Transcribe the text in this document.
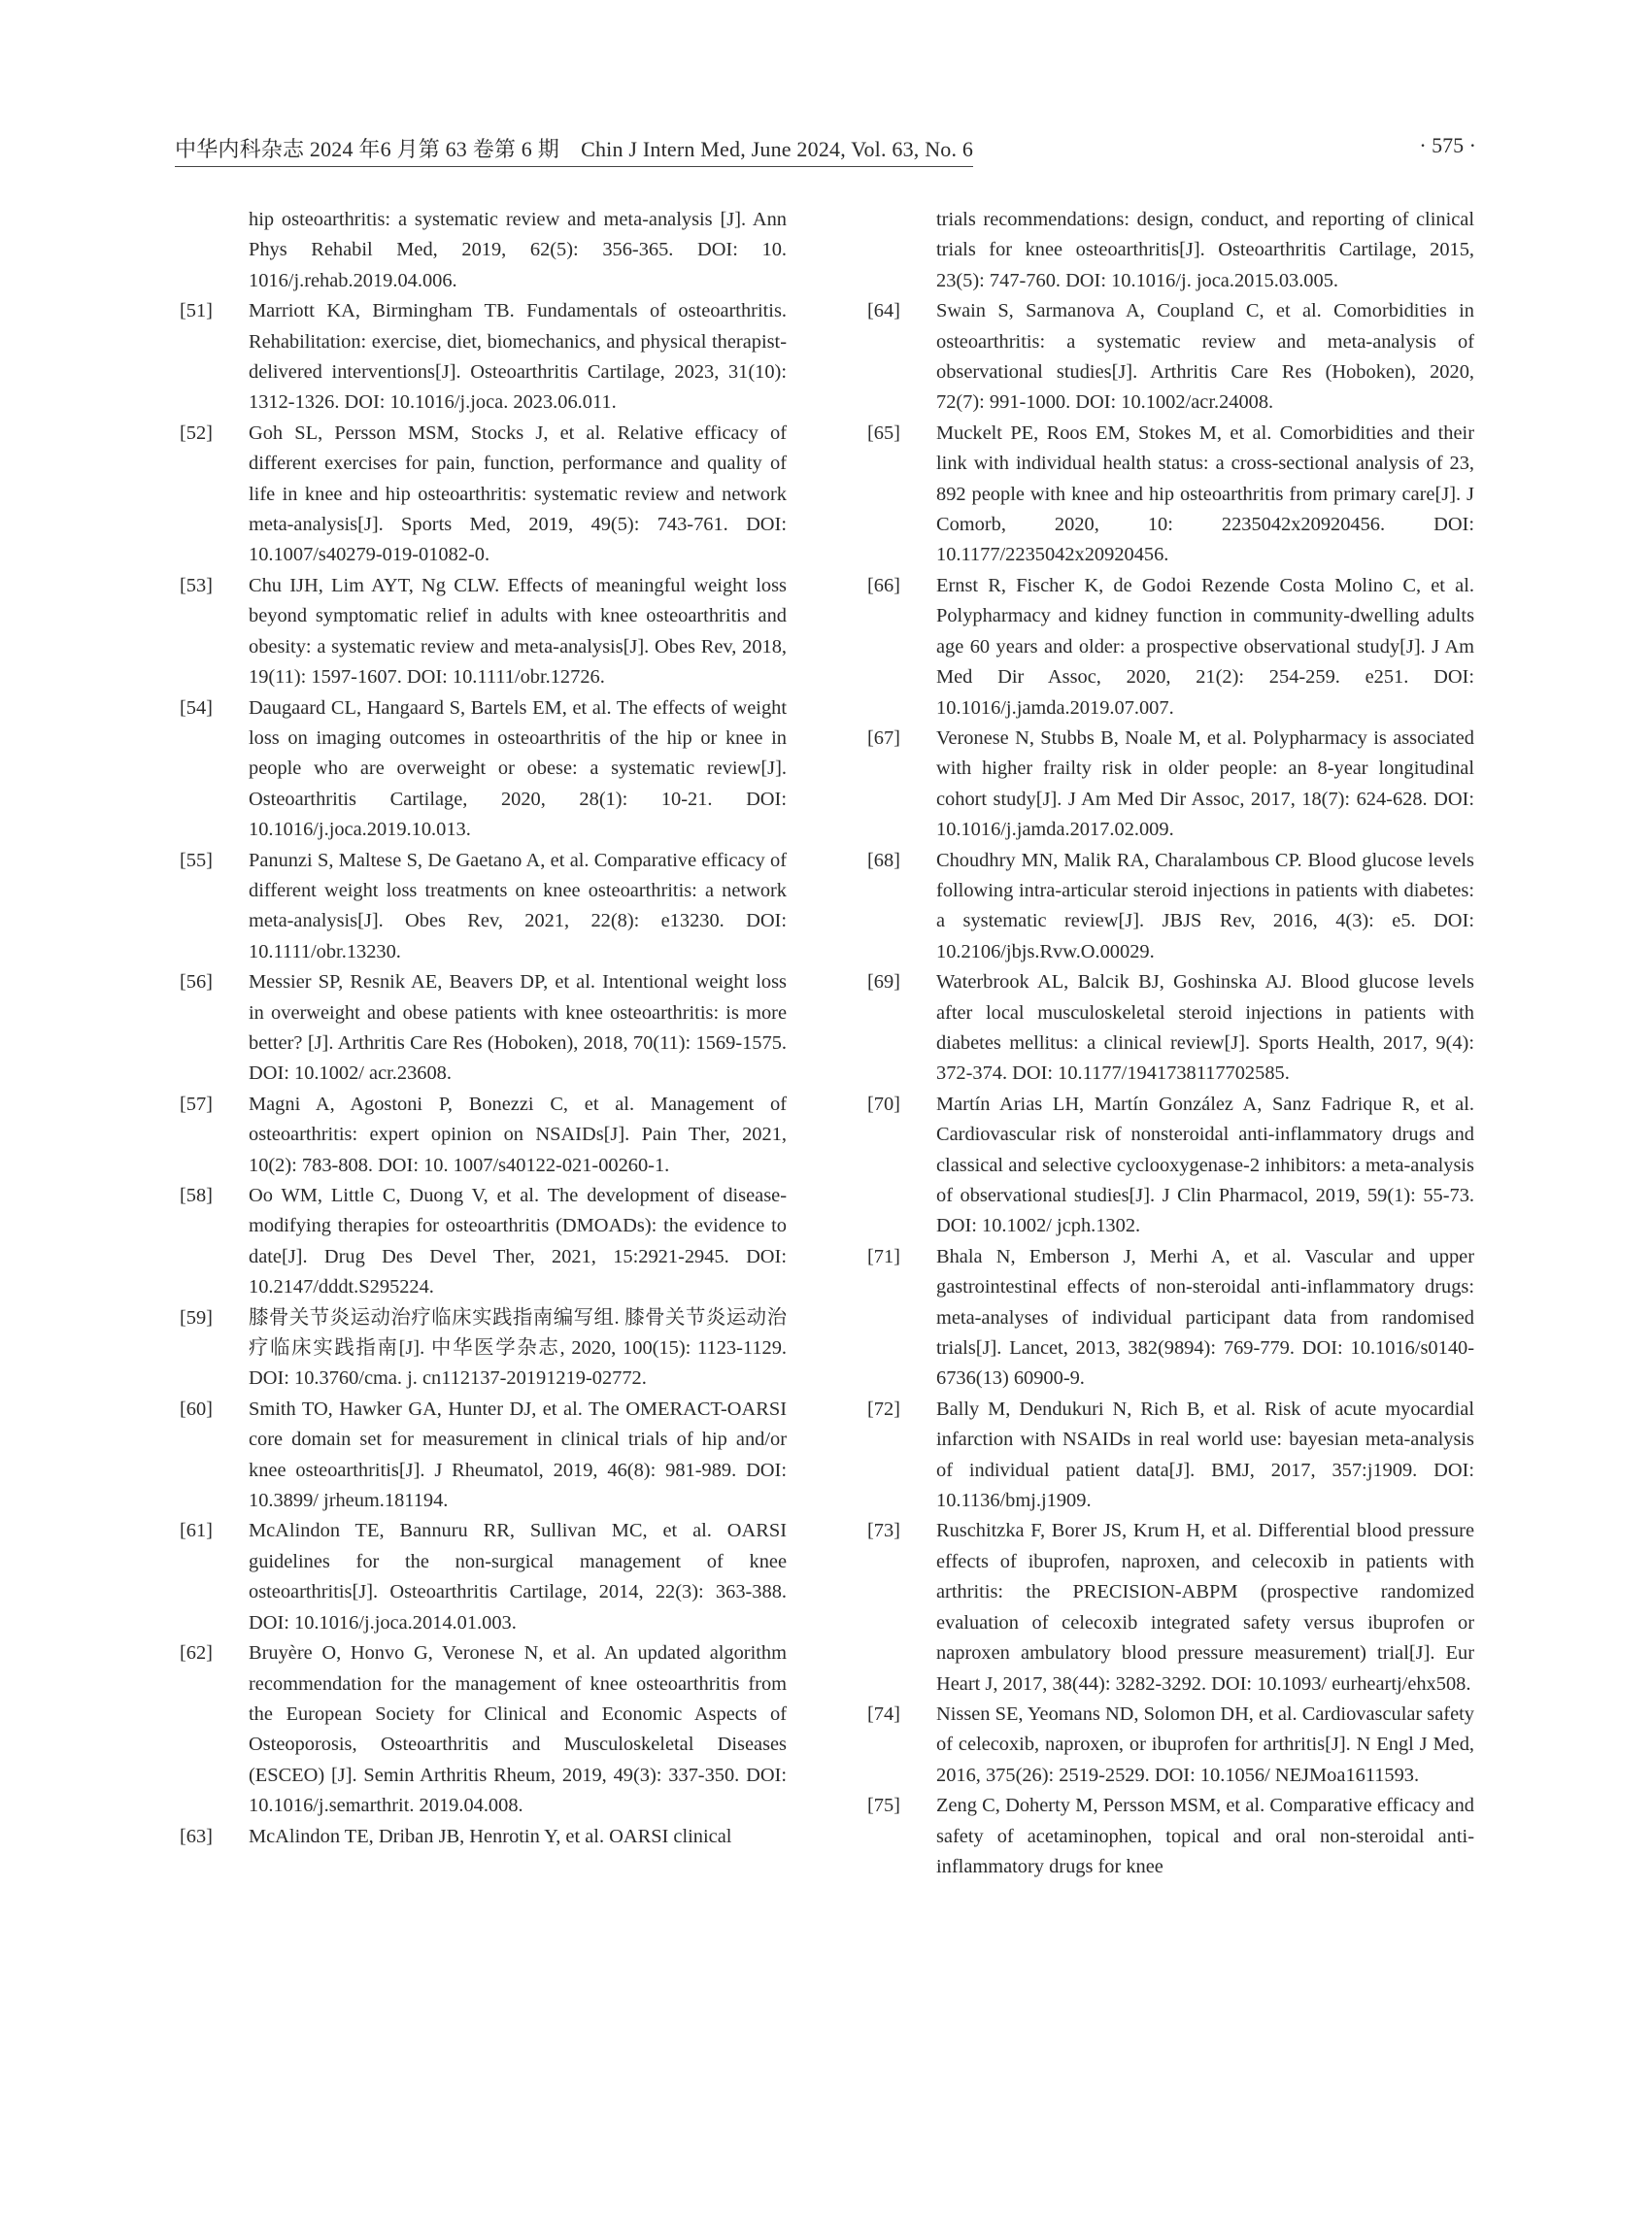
中华内科杂志 2024 年6 月第 63 卷第 6 期　Chin J Intern Med, June 2024, Vol. 63, No. 6	· 575 ·
hip osteoarthritis: a systematic review and meta-analysis [J]. Ann Phys Rehabil Med, 2019, 62(5): 356-365. DOI: 10. 1016/j.rehab.2019.04.006.
[51] Marriott KA, Birmingham TB. Fundamentals of osteoarthritis. Rehabilitation: exercise, diet, biomechanics, and physical therapist-delivered interventions[J]. Osteoarthritis Cartilage, 2023, 31(10): 1312-1326. DOI: 10.1016/j.joca. 2023.06.011.
[52] Goh SL, Persson MSM, Stocks J, et al. Relative efficacy of different exercises for pain, function, performance and quality of life in knee and hip osteoarthritis: systematic review and network meta-analysis[J]. Sports Med, 2019, 49(5): 743-761. DOI: 10.1007/s40279-019-01082-0.
[53] Chu IJH, Lim AYT, Ng CLW. Effects of meaningful weight loss beyond symptomatic relief in adults with knee osteoarthritis and obesity: a systematic review and meta-analysis[J]. Obes Rev, 2018, 19(11): 1597-1607. DOI: 10.1111/obr.12726.
[54] Daugaard CL, Hangaard S, Bartels EM, et al. The effects of weight loss on imaging outcomes in osteoarthritis of the hip or knee in people who are overweight or obese: a systematic review[J]. Osteoarthritis Cartilage, 2020, 28(1): 10-21. DOI: 10.1016/j.joca.2019.10.013.
[55] Panunzi S, Maltese S, De Gaetano A, et al. Comparative efficacy of different weight loss treatments on knee osteoarthritis: a network meta-analysis[J]. Obes Rev, 2021, 22(8): e13230. DOI: 10.1111/obr.13230.
[56] Messier SP, Resnik AE, Beavers DP, et al. Intentional weight loss in overweight and obese patients with knee osteoarthritis: is more better? [J]. Arthritis Care Res (Hoboken), 2018, 70(11): 1569-1575. DOI: 10.1002/ acr.23608.
[57] Magni A, Agostoni P, Bonezzi C, et al. Management of osteoarthritis: expert opinion on NSAIDs[J]. Pain Ther, 2021, 10(2): 783-808. DOI: 10. 1007/s40122-021-00260-1.
[58] Oo WM, Little C, Duong V, et al. The development of disease-modifying therapies for osteoarthritis (DMOADs): the evidence to date[J]. Drug Des Devel Ther, 2021, 15:2921-2945. DOI: 10.2147/dddt.S295224.
[59] 膝骨关节炎运动治疗临床实践指南编写组. 膝骨关节炎运动治疗临床实践指南[J]. 中华医学杂志, 2020, 100(15): 1123-1129. DOI: 10.3760/cma. j. cn112137-20191219-02772.
[60] Smith TO, Hawker GA, Hunter DJ, et al. The OMERACT-OARSI core domain set for measurement in clinical trials of hip and/or knee osteoarthritis[J]. J Rheumatol, 2019, 46(8): 981-989. DOI: 10.3899/ jrheum.181194.
[61] McAlindon TE, Bannuru RR, Sullivan MC, et al. OARSI guidelines for the non-surgical management of knee osteoarthritis[J]. Osteoarthritis Cartilage, 2014, 22(3): 363-388. DOI: 10.1016/j.joca.2014.01.003.
[62] Bruyère O, Honvo G, Veronese N, et al. An updated algorithm recommendation for the management of knee osteoarthritis from the European Society for Clinical and Economic Aspects of Osteoporosis, Osteoarthritis and Musculoskeletal Diseases (ESCEO) [J]. Semin Arthritis Rheum, 2019, 49(3): 337-350. DOI: 10.1016/j.semarthrit. 2019.04.008.
[63] McAlindon TE, Driban JB, Henrotin Y, et al. OARSI clinical
trials recommendations: design, conduct, and reporting of clinical trials for knee osteoarthritis[J]. Osteoarthritis Cartilage, 2015, 23(5): 747-760. DOI: 10.1016/j. joca.2015.03.005.
[64] Swain S, Sarmanova A, Coupland C, et al. Comorbidities in osteoarthritis: a systematic review and meta-analysis of observational studies[J]. Arthritis Care Res (Hoboken), 2020, 72(7): 991-1000. DOI: 10.1002/acr.24008.
[65] Muckelt PE, Roos EM, Stokes M, et al. Comorbidities and their link with individual health status: a cross-sectional analysis of 23, 892 people with knee and hip osteoarthritis from primary care[J]. J Comorb, 2020, 10: 2235042x20920456. DOI: 10.1177/2235042x20920456.
[66] Ernst R, Fischer K, de Godoi Rezende Costa Molino C, et al. Polypharmacy and kidney function in community-dwelling adults age 60 years and older: a prospective observational study[J]. J Am Med Dir Assoc, 2020, 21(2): 254-259. e251. DOI: 10.1016/j.jamda.2019.07.007.
[67] Veronese N, Stubbs B, Noale M, et al. Polypharmacy is associated with higher frailty risk in older people: an 8-year longitudinal cohort study[J]. J Am Med Dir Assoc, 2017, 18(7): 624-628. DOI: 10.1016/j.jamda.2017.02.009.
[68] Choudhry MN, Malik RA, Charalambous CP. Blood glucose levels following intra-articular steroid injections in patients with diabetes: a systematic review[J]. JBJS Rev, 2016, 4(3): e5. DOI: 10.2106/jbjs.Rvw.O.00029.
[69] Waterbrook AL, Balcik BJ, Goshinska AJ. Blood glucose levels after local musculoskeletal steroid injections in patients with diabetes mellitus: a clinical review[J]. Sports Health, 2017, 9(4): 372-374. DOI: 10.1177/1941738117702585.
[70] Martín Arias LH, Martín González A, Sanz Fadrique R, et al. Cardiovascular risk of nonsteroidal anti-inflammatory drugs and classical and selective cyclooxygenase-2 inhibitors: a meta-analysis of observational studies[J]. J Clin Pharmacol, 2019, 59(1): 55-73. DOI: 10.1002/ jcph.1302.
[71] Bhala N, Emberson J, Merhi A, et al. Vascular and upper gastrointestinal effects of non-steroidal anti-inflammatory drugs: meta-analyses of individual participant data from randomised trials[J]. Lancet, 2013, 382(9894): 769-779. DOI: 10.1016/s0140-6736(13) 60900-9.
[72] Bally M, Dendukuri N, Rich B, et al. Risk of acute myocardial infarction with NSAIDs in real world use: bayesian meta-analysis of individual patient data[J]. BMJ, 2017, 357:j1909. DOI: 10.1136/bmj.j1909.
[73] Ruschitzka F, Borer JS, Krum H, et al. Differential blood pressure effects of ibuprofen, naproxen, and celecoxib in patients with arthritis: the PRECISION-ABPM (prospective randomized evaluation of celecoxib integrated safety versus ibuprofen or naproxen ambulatory blood pressure measurement) trial[J]. Eur Heart J, 2017, 38(44): 3282-3292. DOI: 10.1093/ eurheartj/ehx508.
[74] Nissen SE, Yeomans ND, Solomon DH, et al. Cardiovascular safety of celecoxib, naproxen, or ibuprofen for arthritis[J]. N Engl J Med, 2016, 375(26): 2519-2529. DOI: 10.1056/ NEJMoa1611593.
[75] Zeng C, Doherty M, Persson MSM, et al. Comparative efficacy and safety of acetaminophen, topical and oral non-steroidal anti-inflammatory drugs for knee
